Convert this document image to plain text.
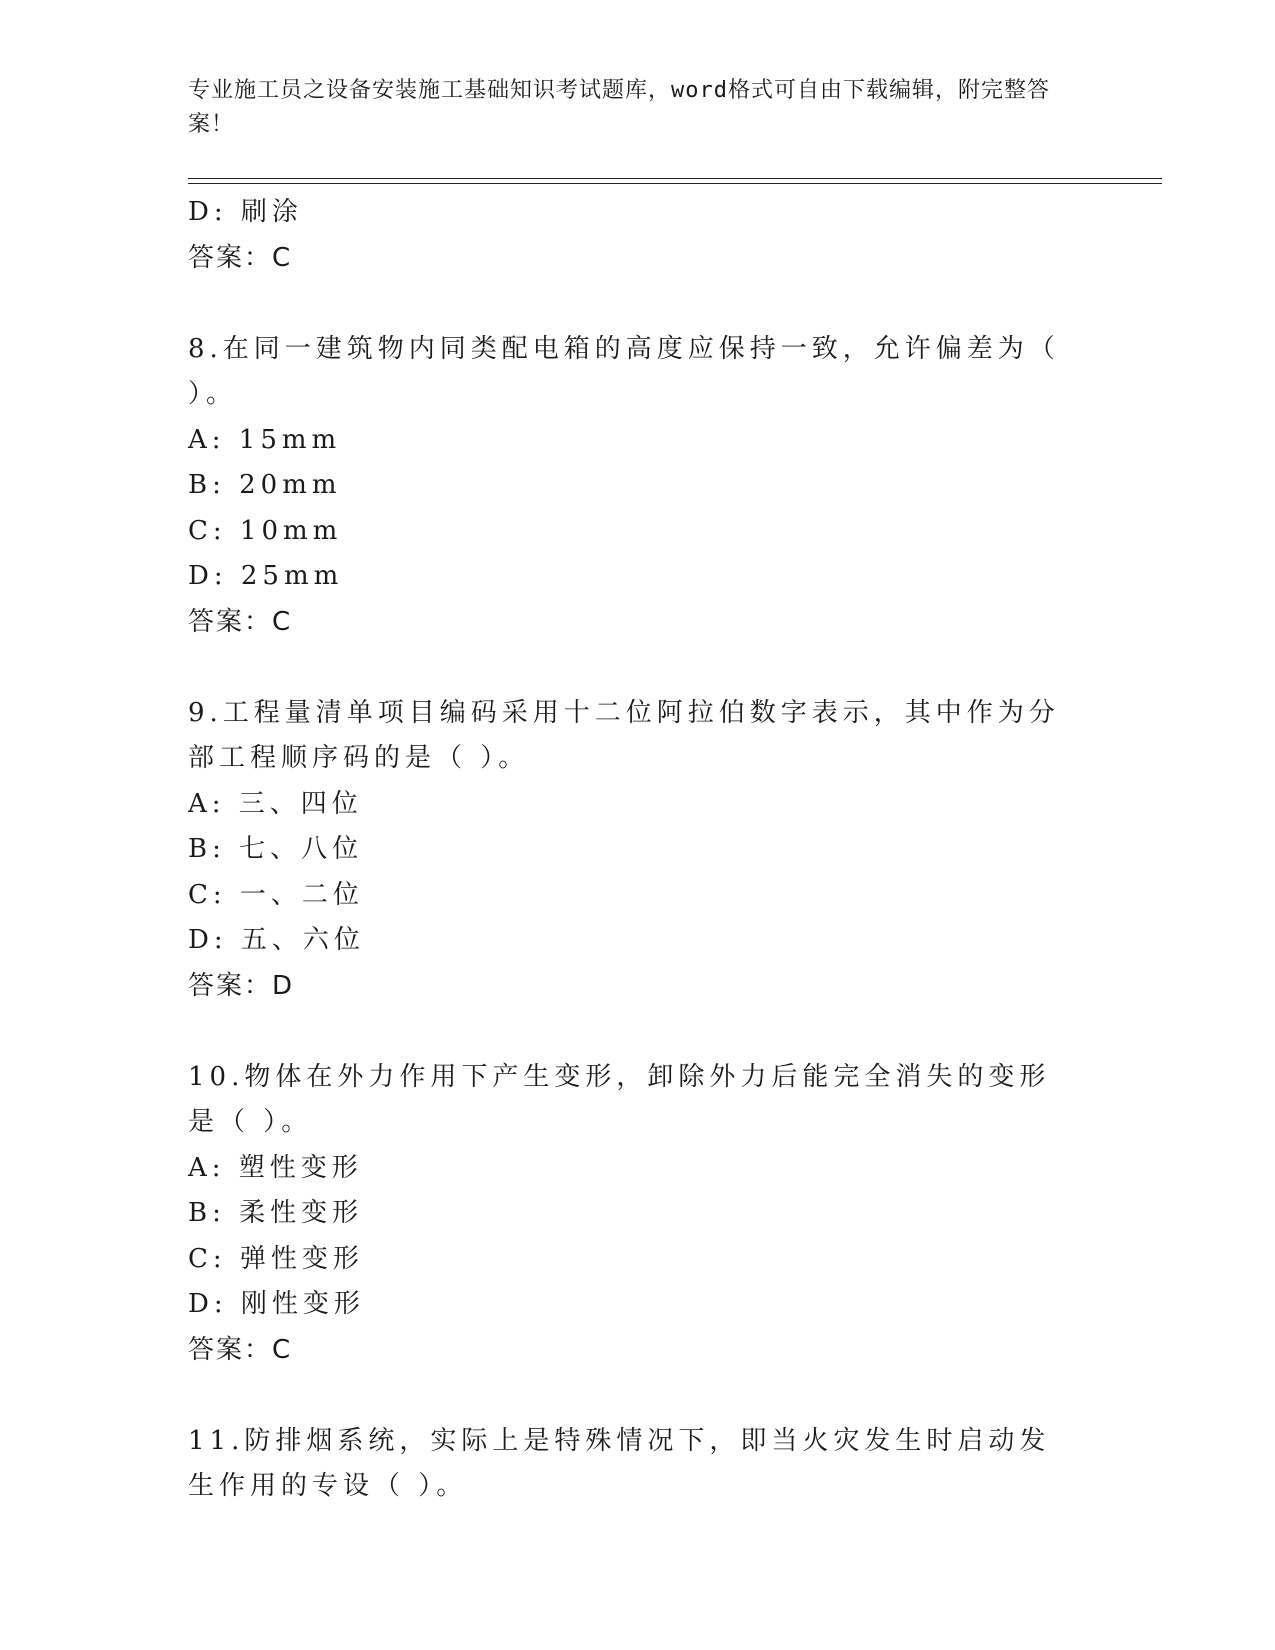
专业施工员之设备安装施工基础知识考试题库，word格式可自由下载编辑，附完整答案！
D: 刷涂
答案：C
8.在同一建筑物内同类配电箱的高度应保持一致，允许偏差为（ ）。
A: 15mm
B: 20mm
C: 10mm
D: 25mm
答案：C
9.工程量清单项目编码采用十二位阿拉伯数字表示，其中作为分部工程顺序码的是（ ）。
A: 三、四位
B: 七、八位
C: 一、二位
D: 五、六位
答案：D
10.物体在外力作用下产生变形，卸除外力后能完全消失的变形是（ ）。
A: 塑性变形
B: 柔性变形
C: 弹性变形
D: 刚性变形
答案：C
11.防排烟系统，实际上是特殊情况下，即当火灾发生时启动发生作用的专设（ ）。
